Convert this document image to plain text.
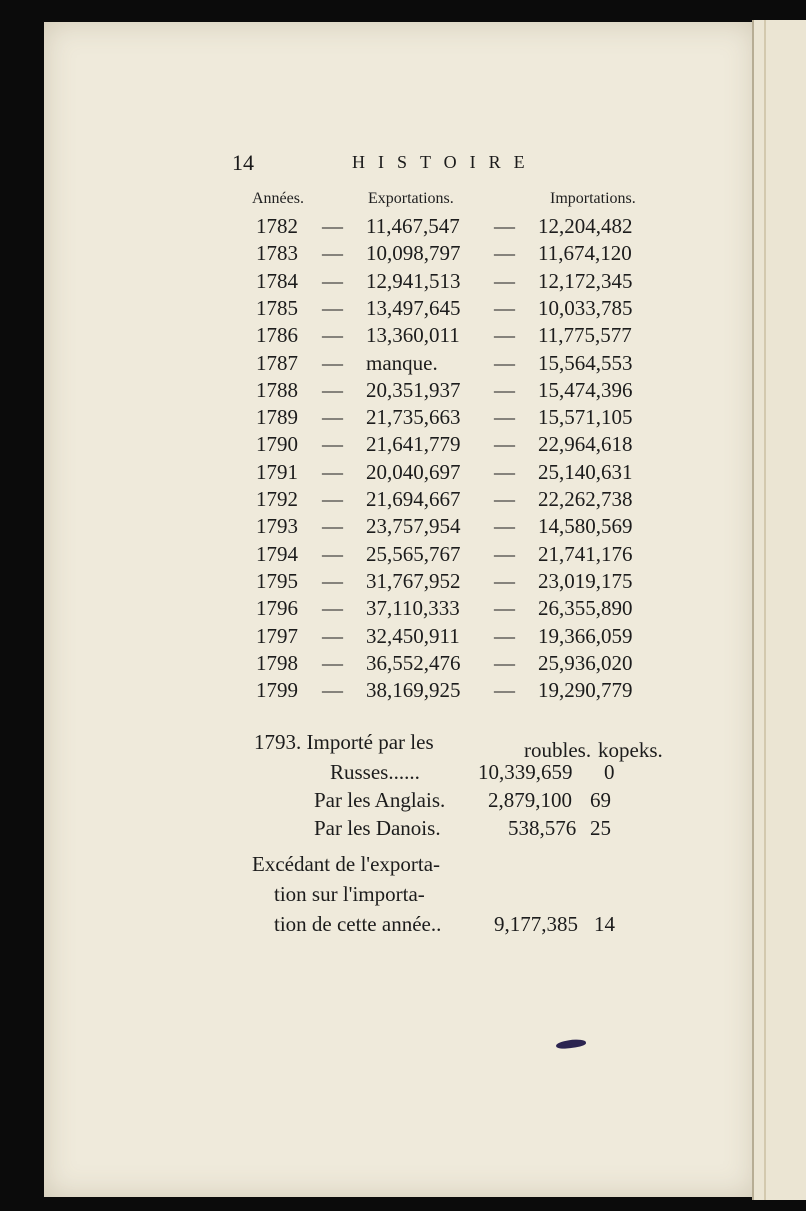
14	HISTOIRE
Années.	Exportations.	Importations.
1782 — 11,467,547 — 12,204,482
1783 — 10,098,797 — 11,674,120
1784 — 12,941,513 — 12,172,345
1785 — 13,497,645 — 10,033,785
1786 — 13,360,011 — 11,775,577
1787 — manque.	— 15,564,553
1788 — 20,351,937 — 15,474,396
1789 — 21,735,663 — 15,571,105
1790 — 21,641,779 — 22,964,618
1791 — 20,040,697 — 25,140,631
1792 — 21,694,667 — 22,262,738
1793 — 23,757,954 — 14,580,569
1794 — 25,565,767 — 21,741,176
1795 — 31,767,952 — 23,019,175
1796 — 37,110,333 — 26,355,890
1797 — 32,450,911 — 19,366,059
1798 — 36,552,476 — 25,936,020
1799 — 38,169,925 — 19,290,779
1793. Importé par les	roubles. kopeks.
Russes......	10,339,659 0
Par les Anglais. 2,879,100 69
Par les Danois.	538,576 25
Excédant de l'exporta-
tion sur l'importa-
tion de cette année..	9,177,385 14
